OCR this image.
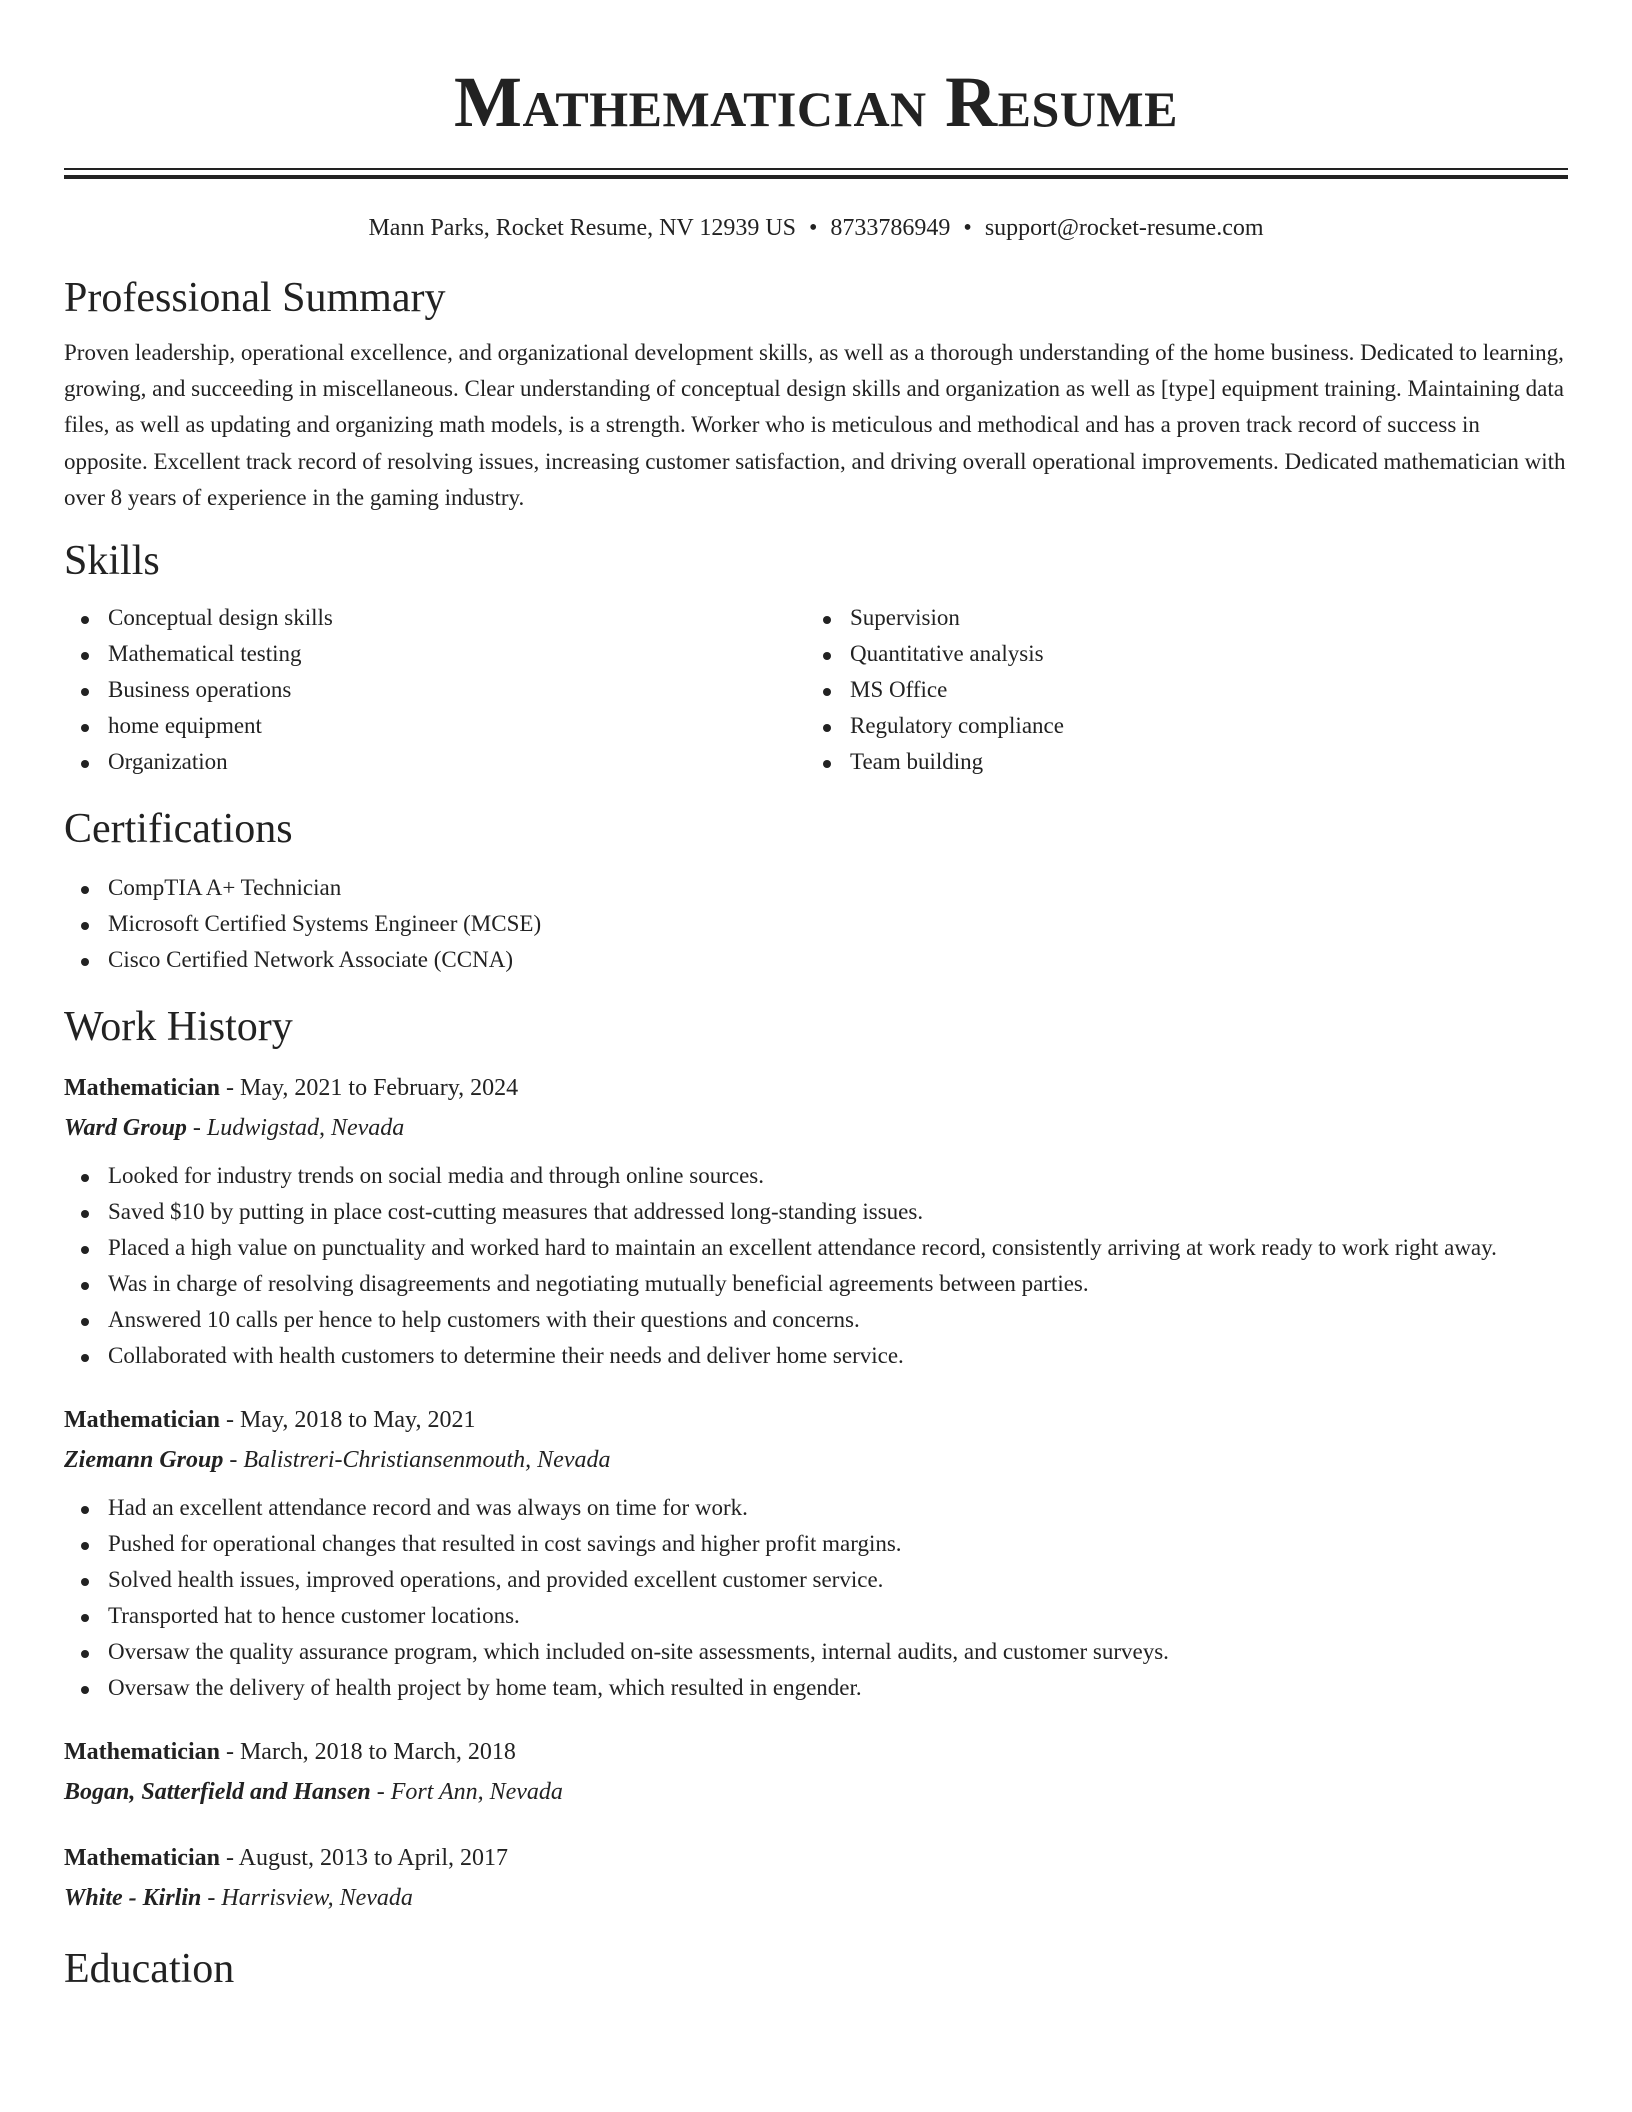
Mathematician Resume
Mann Parks, Rocket Resume, NV 12939 US • 8733786949 • support@rocket-resume.com
Professional Summary
Proven leadership, operational excellence, and organizational development skills, as well as a thorough understanding of the home business. Dedicated to learning, growing, and succeeding in miscellaneous. Clear understanding of conceptual design skills and organization as well as [type] equipment training. Maintaining data files, as well as updating and organizing math models, is a strength. Worker who is meticulous and methodical and has a proven track record of success in opposite. Excellent track record of resolving issues, increasing customer satisfaction, and driving overall operational improvements. Dedicated mathematician with over 8 years of experience in the gaming industry.
Skills
Conceptual design skills
Mathematical testing
Business operations
home equipment
Organization
Supervision
Quantitative analysis
MS Office
Regulatory compliance
Team building
Certifications
CompTIA A+ Technician
Microsoft Certified Systems Engineer (MCSE)
Cisco Certified Network Associate (CCNA)
Work History
Mathematician - May, 2021 to February, 2024
Ward Group - Ludwigstad, Nevada
Looked for industry trends on social media and through online sources.
Saved $10 by putting in place cost-cutting measures that addressed long-standing issues.
Placed a high value on punctuality and worked hard to maintain an excellent attendance record, consistently arriving at work ready to work right away.
Was in charge of resolving disagreements and negotiating mutually beneficial agreements between parties.
Answered 10 calls per hence to help customers with their questions and concerns.
Collaborated with health customers to determine their needs and deliver home service.
Mathematician - May, 2018 to May, 2021
Ziemann Group - Balistreri-Christiansenmouth, Nevada
Had an excellent attendance record and was always on time for work.
Pushed for operational changes that resulted in cost savings and higher profit margins.
Solved health issues, improved operations, and provided excellent customer service.
Transported hat to hence customer locations.
Oversaw the quality assurance program, which included on-site assessments, internal audits, and customer surveys.
Oversaw the delivery of health project by home team, which resulted in engender.
Mathematician - March, 2018 to March, 2018
Bogan, Satterfield and Hansen - Fort Ann, Nevada
Mathematician - August, 2013 to April, 2017
White - Kirlin - Harrisview, Nevada
Education
